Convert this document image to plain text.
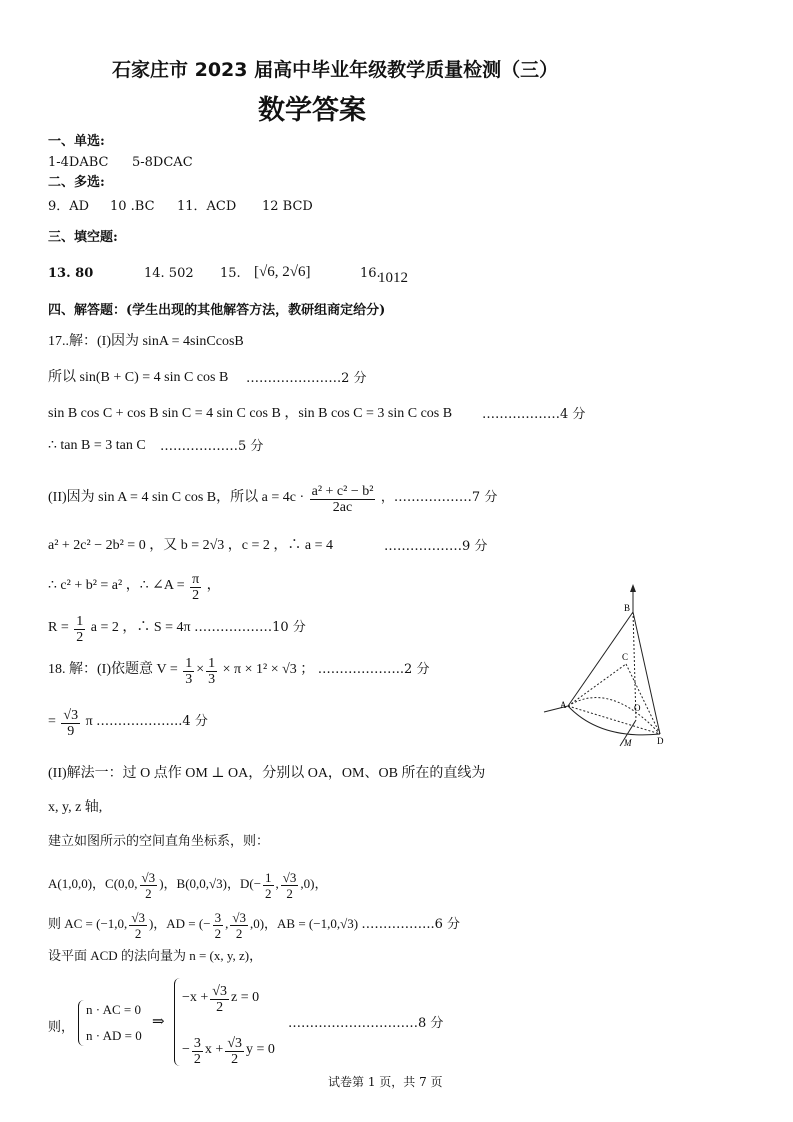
石家庄市 2023 届高中毕业年级教学质量检测（三）
数学答案
一、单选:
1-4DABC 5-8DCAC
二、多选:
9．AD 10 .BC 11．ACD 12 BCD
三、填空题:
13. 80	14. 502 15. [√6, 2√6]	16.
1012
四、解答题：(学生出现的其他解答方法，教研组商定给分)
17..解：(I)因为 sinA = 4sinCcosB
所以 sin(B + C) = 4 sin C cos B ………………….2 分
sin B cos C + cos B sin C = 4 sin C cos B ，sin B cos C = 3 sin C cos B ………………4 分
∴ tan B = 3 tan C ………………5 分
(II)因为 sin A = 4 sin C cos B，所以 $a = 4c \cdot \frac{\text{a² + c² − b²}}{2ac}$ ，………………7 分
a² + 2c² − 2b² = 0 ，又 b = 2√3 ，c = 2 ，∴ a = 4	………………9 分
∴ c² + b² = a² ，∴ ∠A = $\frac{\pi}{2}$ ，
$R = \frac{1}{2}$ a = 2 ，∴ S = 4π ………………10 分
18. 解：(I)依题意 $V = \frac{1}{3} \times \frac{1}{3} \times \pi \times 1^2 \times √3$ ； ………………..2 分
= $\frac{√3}{9}$ π ………………..4 分
(II)解法一：过 O 点作 OM ⊥ OA，分别以 OA，OM、OB 所在的直线为
x, y, z 轴,
建立如图所示的空间直角坐标系，则：
A(1,0,0)，C(0,0, $\frac{√3}{2}$ )，B(0,0,√3)，$D(- \frac{1}{2}$ , $\frac{√3}{2} ,0$)，
则 AC = (−1,0, $\frac{√3}{2}$ )，AD = (− $\frac{3}{2}$ , $\frac{√3}{2} ,0$)，AB = (−1,0,√3) ……………..6 分
设平面 ACD 的法向量为 n = (x, y, z)，
则，
n · AC = 0
n · AD = 0
⇒
$-x + \frac{√3}{2}$ z = 0
− $\frac{3}{2}$ $x + \frac{√3}{2}$ y = 0
…………………………8 分
B
C
A	O
D
M
试卷第 1 页，共 7 页
